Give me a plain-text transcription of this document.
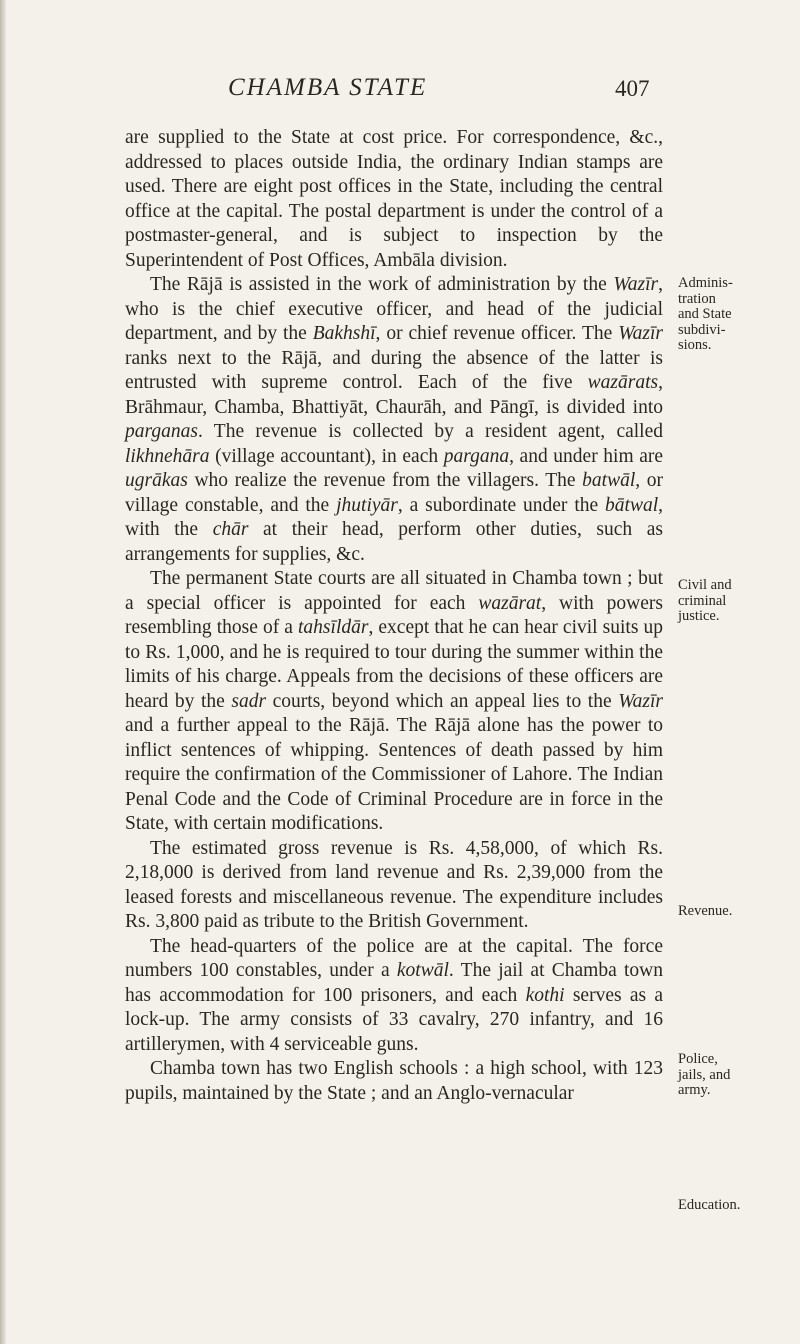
CHAMBA STATE	407

are supplied to the State at cost price. For correspondence, &c., addressed to places outside India, the ordinary Indian stamps are used. There are eight post offices in the State, including the central office at the capital. The postal department is under the control of a postmaster-general, and is subject to inspection by the Superintendent of Post Offices, Ambāla division.

The Rājā is assisted in the work of administration by the Wazīr, who is the chief executive officer, and head of the judicial department, and by the Bakhshī, or chief revenue officer. The Wazīr ranks next to the Rājā, and during the absence of the latter is entrusted with supreme control. Each of the five wazārats, Brāhmaur, Chamba, Bhattiyāt, Chaurāh, and Pāngī, is divided into parganas. The revenue is collected by a resident agent, called likhnehāra (village accountant), in each pargana, and under him are ugrākas who realize the revenue from the villagers. The batwāl, or village constable, and the jhutiyār, a subordinate under the bātwal, with the chār at their head, perform other duties, such as arrangements for supplies, &c.

The permanent State courts are all situated in Chamba town ; but a special officer is appointed for each wazārat, with powers resembling those of a tahsīldār, except that he can hear civil suits up to Rs. 1,000, and he is required to tour during the summer within the limits of his charge. Appeals from the decisions of these officers are heard by the sadr courts, beyond which an appeal lies to the Wazīr and a further appeal to the Rājā. The Rājā alone has the power to inflict sentences of whipping. Sentences of death passed by him require the confirmation of the Commissioner of Lahore. The Indian Penal Code and the Code of Criminal Procedure are in force in the State, with certain modifications.

The estimated gross revenue is Rs. 4,58,000, of which Rs. 2,18,000 is derived from land revenue and Rs. 2,39,000 from the leased forests and miscellaneous revenue. The expenditure includes Rs. 3,800 paid as tribute to the British Government.

The head-quarters of the police are at the capital. The force numbers 100 constables, under a kotwāl. The jail at Chamba town has accommodation for 100 prisoners, and each kothi serves as a lock-up. The army consists of 33 cavalry, 270 infantry, and 16 artillerymen, with 4 serviceable guns.

Chamba town has two English schools : a high school, with 123 pupils, maintained by the State ; and an Anglo-vernacular

Adminis-
tration
and State
subdivi-
sions.
Civil and
criminal
justice.
Revenue.
Police,
jails, and
army.
Education.
